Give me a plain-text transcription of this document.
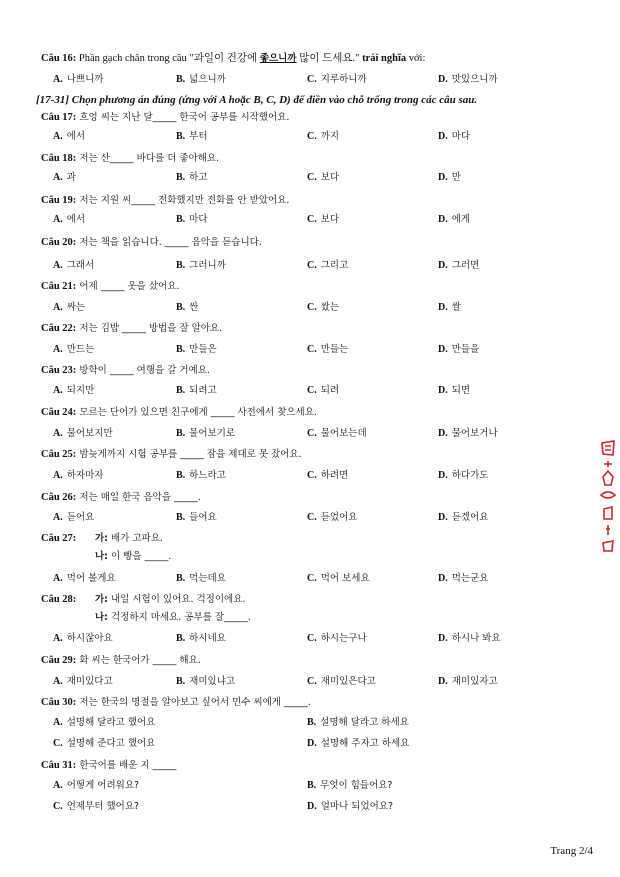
Câu 16: Phần gạch chân trong câu "과일이 건강에 좋으니까 많이 드세요." trái nghĩa với:
A. 나쁘니까	B. 넓으니까	C. 지루하니까	D. 맛있으니까
[17-31] Chọn phương án đúng (ứng với A hoặc B, C, D) để điền vào chỗ trống trong các câu sau.
Câu 17: 흐엉 씨는 지난 달_____ 한국어 공부를 시작했어요.
A. 에서	B. 부터	C. 까지	D. 마다
Câu 18: 저는 산_____ 바다를 더 좋아해요.
A. 과	B. 하고	C. 보다	D. 만
Câu 19: 저는 지원 씨_____ 전화했지만 전화를 안 받았어요.
A. 에서	B. 마다	C. 보다	D. 에게
Câu 20: 저는 책을 읽습니다. _____ 음악을 듣습니다.
A. 그래서	B. 그러니까	C. 그리고	D. 그러면
Câu 21: 어제 _____ 옷을 샀어요.
A. 싸는	B. 싼	C. 쌌는	D. 쌀
Câu 22: 저는 김밥 _____ 방법을 잘 알아요.
A. 만드는	B. 만들은	C. 만들는	D. 만들을
Câu 23: 방학이 _____ 여행을 갈 거예요.
A. 되지만	B. 되려고	C. 되려	D. 되면
Câu 24: 모르는 단어가 있으면 친구에게 _____ 사전에서 찾으세요.
A. 물어보지만	B. 물어보기로	C. 물어보는데	D. 물어보거나
Câu 25: 밤늦게까지 시험 공부를 _____ 잠을 제대로 못 잤어요.
A. 하자마자	B. 하느라고	C. 하려면	D. 하다가도
Câu 26: 저는 매일 한국 음악을 _____.
A. 듣어요	B. 들어요	C. 듣었어요	D. 듣겠어요
Câu 27:	가: 배가 고파요.
나: 이 빵을 _____.
A. 먹어 볼게요	B. 먹는데요	C. 먹어 보세요	D. 먹는군요
Câu 28:	가: 내일 시험이 있어요. 걱정이에요.
나: 걱정하지 마세요. 공부를 잘_____.
A. 하시잖아요	B. 하시네요	C. 하시는구나	D. 하시나 봐요
Câu 29: 화 씨는 한국어가 _____ 해요.
A. 재미있다고	B. 재미있냐고	C. 재미있은다고	D. 재미있자고
Câu 30: 저는 한국의 명절을 알아보고 싶어서 민수 씨에게 _____.
A. 설명해 달라고 했어요	B. 설명해 달라고 하세요
C. 설명해 준다고 했어요	D. 설명해 주자고 하세요
Câu 31: 한국어를 배운 지 _____
A. 어떻게 어려워요?	B. 무엇이 힘들어요?
C. 언제부터 했어요?	D. 얼마나 되었어요?
Trang 2/4
